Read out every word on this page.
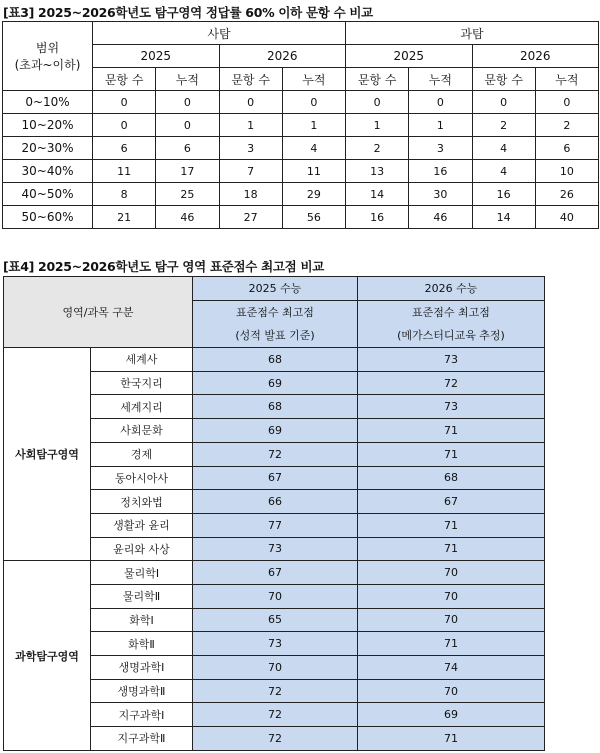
[표3] 2025~2026학년도 탐구영역 정답률 60% 이하 문항 수 비교
범위
(초과~이하)	사탐				과탐			
	2025		2026		2025		2026	
	문항 수	누적	문항 수	누적	문항 수	누적	문항 수	누적
0~10%	0	0	0	0	0	0	0	0
10~20%	0	0	1	1	1	1	2	2
20~30%	6	6	3	4	2	3	4	6
30~40%	11	17	7	11	13	16	4	10
40~50%	8	25	18	29	14	30	16	26
50~60%	21	46	27	56	16	46	14	40
[표4] 2025~2026학년도 탐구 영역 표준점수 최고점 비교
영역/과목 구분		2025 수능	2026 수능
		표준점수 최고점	표준점수 최고점
		(성적 발표 기준)	(메가스터디교육 추정)
사회탐구영역	세계사	68	73
	한국지리	69	72
	세계지리	68	73
	사회문화	69	71
	경제	72	71
	동아시아사	67	68
	정치와법	66	67
	생활과 윤리	77	71
	윤리와 사상	73	71
과학탐구영역	물리학Ⅰ	67	70
	물리학Ⅱ	70	70
	화학Ⅰ	65	70
	화학Ⅱ	73	71
	생명과학Ⅰ	70	74
	생명과학Ⅱ	72	70
	지구과학Ⅰ	72	69
	지구과학Ⅱ	72	71
